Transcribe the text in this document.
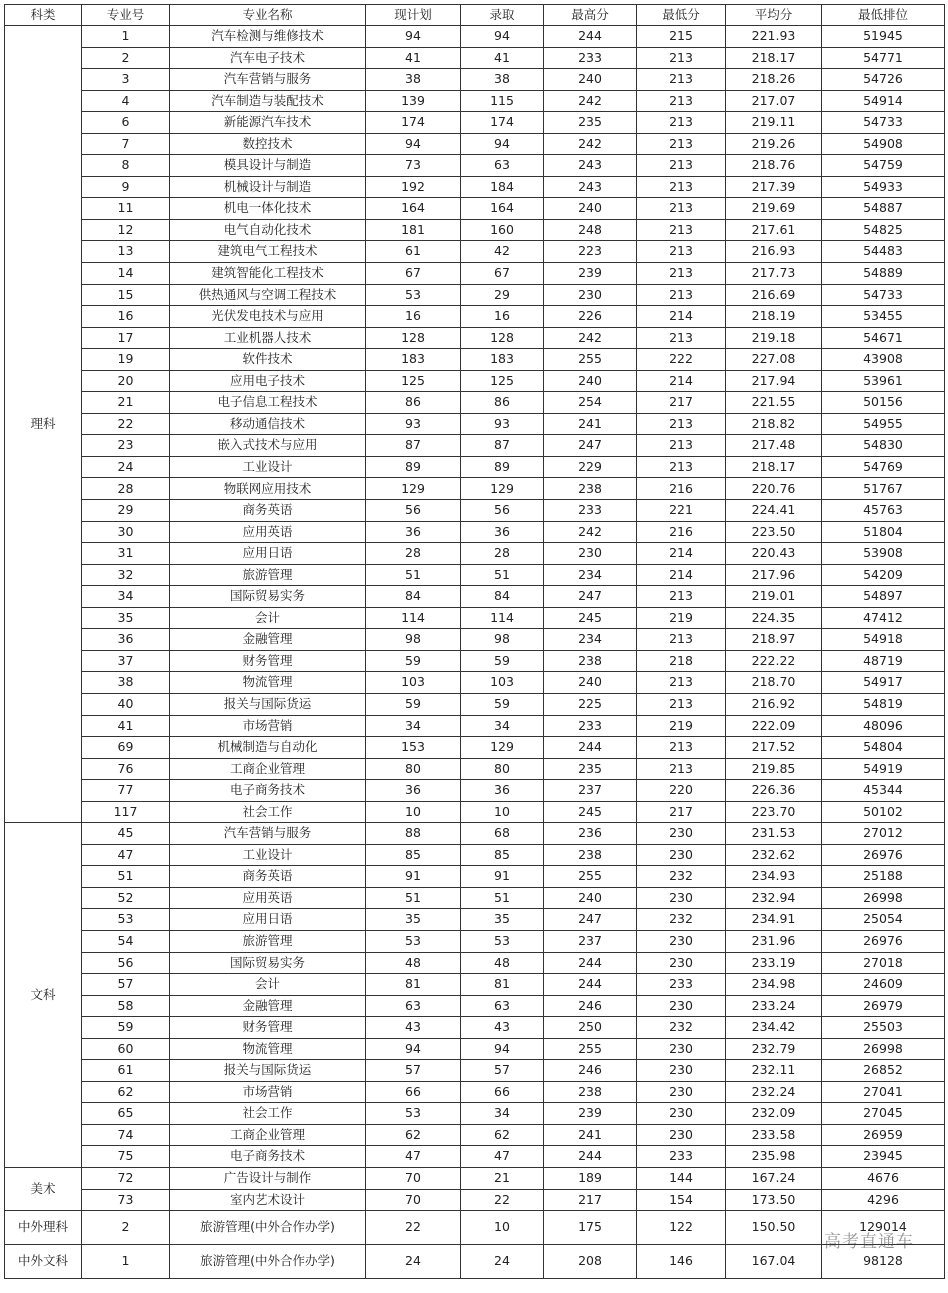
科类	专业号	专业名称	现计划	录取	最高分	最低分	平均分	最低排位
理科	1	汽车检测与维修技术	94	94	244	215	221.93	51945
	2	汽车电子技术	41	41	233	213	218.17	54771
	3	汽车营销与服务	38	38	240	213	218.26	54726
	4	汽车制造与装配技术	139	115	242	213	217.07	54914
	6	新能源汽车技术	174	174	235	213	219.11	54733
	7	数控技术	94	94	242	213	219.26	54908
	8	模具设计与制造	73	63	243	213	218.76	54759
	9	机械设计与制造	192	184	243	213	217.39	54933
	11	机电一体化技术	164	164	240	213	219.69	54887
	12	电气自动化技术	181	160	248	213	217.61	54825
	13	建筑电气工程技术	61	42	223	213	216.93	54483
	14	建筑智能化工程技术	67	67	239	213	217.73	54889
	15	供热通风与空调工程技术	53	29	230	213	216.69	54733
	16	光伏发电技术与应用	16	16	226	214	218.19	53455
	17	工业机器人技术	128	128	242	213	219.18	54671
	19	软件技术	183	183	255	222	227.08	43908
	20	应用电子技术	125	125	240	214	217.94	53961
	21	电子信息工程技术	86	86	254	217	221.55	50156
	22	移动通信技术	93	93	241	213	218.82	54955
	23	嵌入式技术与应用	87	87	247	213	217.48	54830
	24	工业设计	89	89	229	213	218.17	54769
	28	物联网应用技术	129	129	238	216	220.76	51767
	29	商务英语	56	56	233	221	224.41	45763
	30	应用英语	36	36	242	216	223.50	51804
	31	应用日语	28	28	230	214	220.43	53908
	32	旅游管理	51	51	234	214	217.96	54209
	34	国际贸易实务	84	84	247	213	219.01	54897
	35	会计	114	114	245	219	224.35	47412
	36	金融管理	98	98	234	213	218.97	54918
	37	财务管理	59	59	238	218	222.22	48719
	38	物流管理	103	103	240	213	218.70	54917
	40	报关与国际货运	59	59	225	213	216.92	54819
	41	市场营销	34	34	233	219	222.09	48096
	69	机械制造与自动化	153	129	244	213	217.52	54804
	76	工商企业管理	80	80	235	213	219.85	54919
	77	电子商务技术	36	36	237	220	226.36	45344
	117	社会工作	10	10	245	217	223.70	50102
文科	45	汽车营销与服务	88	68	236	230	231.53	27012
	47	工业设计	85	85	238	230	232.62	26976
	51	商务英语	91	91	255	232	234.93	25188
	52	应用英语	51	51	240	230	232.94	26998
	53	应用日语	35	35	247	232	234.91	25054
	54	旅游管理	53	53	237	230	231.96	26976
	56	国际贸易实务	48	48	244	230	233.19	27018
	57	会计	81	81	244	233	234.98	24609
	58	金融管理	63	63	246	230	233.24	26979
	59	财务管理	43	43	250	232	234.42	25503
	60	物流管理	94	94	255	230	232.79	26998
	61	报关与国际货运	57	57	246	230	232.11	26852
	62	市场营销	66	66	238	230	232.24	27041
	65	社会工作	53	34	239	230	232.09	27045
	74	工商企业管理	62	62	241	230	233.58	26959
	75	电子商务技术	47	47	244	233	235.98	23945
美术	72	广告设计与制作	70	21	189	144	167.24	4676
	73	室内艺术设计	70	22	217	154	173.50	4296
中外理科	2	旅游管理(中外合作办学)	22	10	175	122	150.50	129014
中外文科	1	旅游管理(中外合作办学)	24	24	208	146	167.04	98128
高考直通车
